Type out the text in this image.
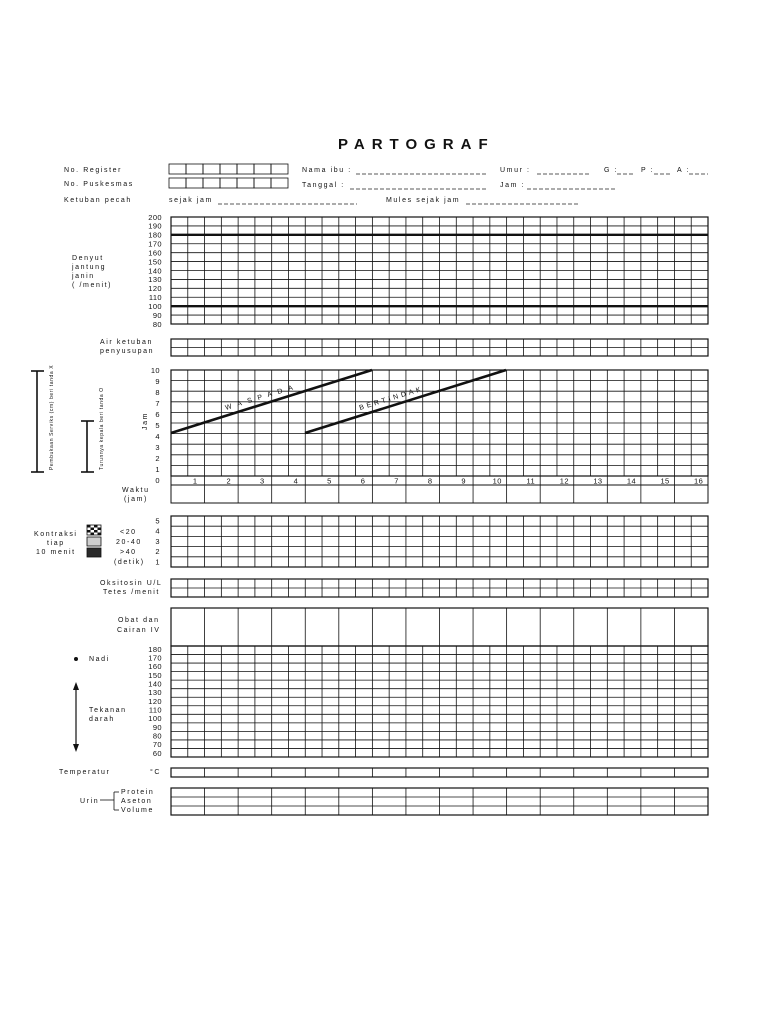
PARTOGRAF
No. Register
No. Puskesmas
Ketuban pecah	sejak jam
Nama ibu :	Umur :	G :	P :	A :
Tanggal :	Jam :
Mules sejak jam
200
190
180
170
160
150
140
130
120
110
100
90
80
Denyut
jantung
janin
( /menit)
Air ketuban
penyusupan
10
9
8
7
6
5
4
3
2
1
0	1	2	3	4	5	6	7	8	9	10	11	12	13	14	15	16
WASPADA	BERTINDAK
Jam
Waktu
(jam)
Pembukaan Serviks (cm) beri tanda X	Turunnya kepala beri tanda O
5
4
3
2
1
Kontraksi
tiap
10 menit
<20
20-40
>40
(detik)
Oksitosin U/L
Tetes /menit
Obat dan
Cairan IV
180
170
160
150
140
130
120
110
100
90
80
70
60
Nadi
Tekanan
darah
Temperatur	°C
Urin
Protein
Aseton
Volume
